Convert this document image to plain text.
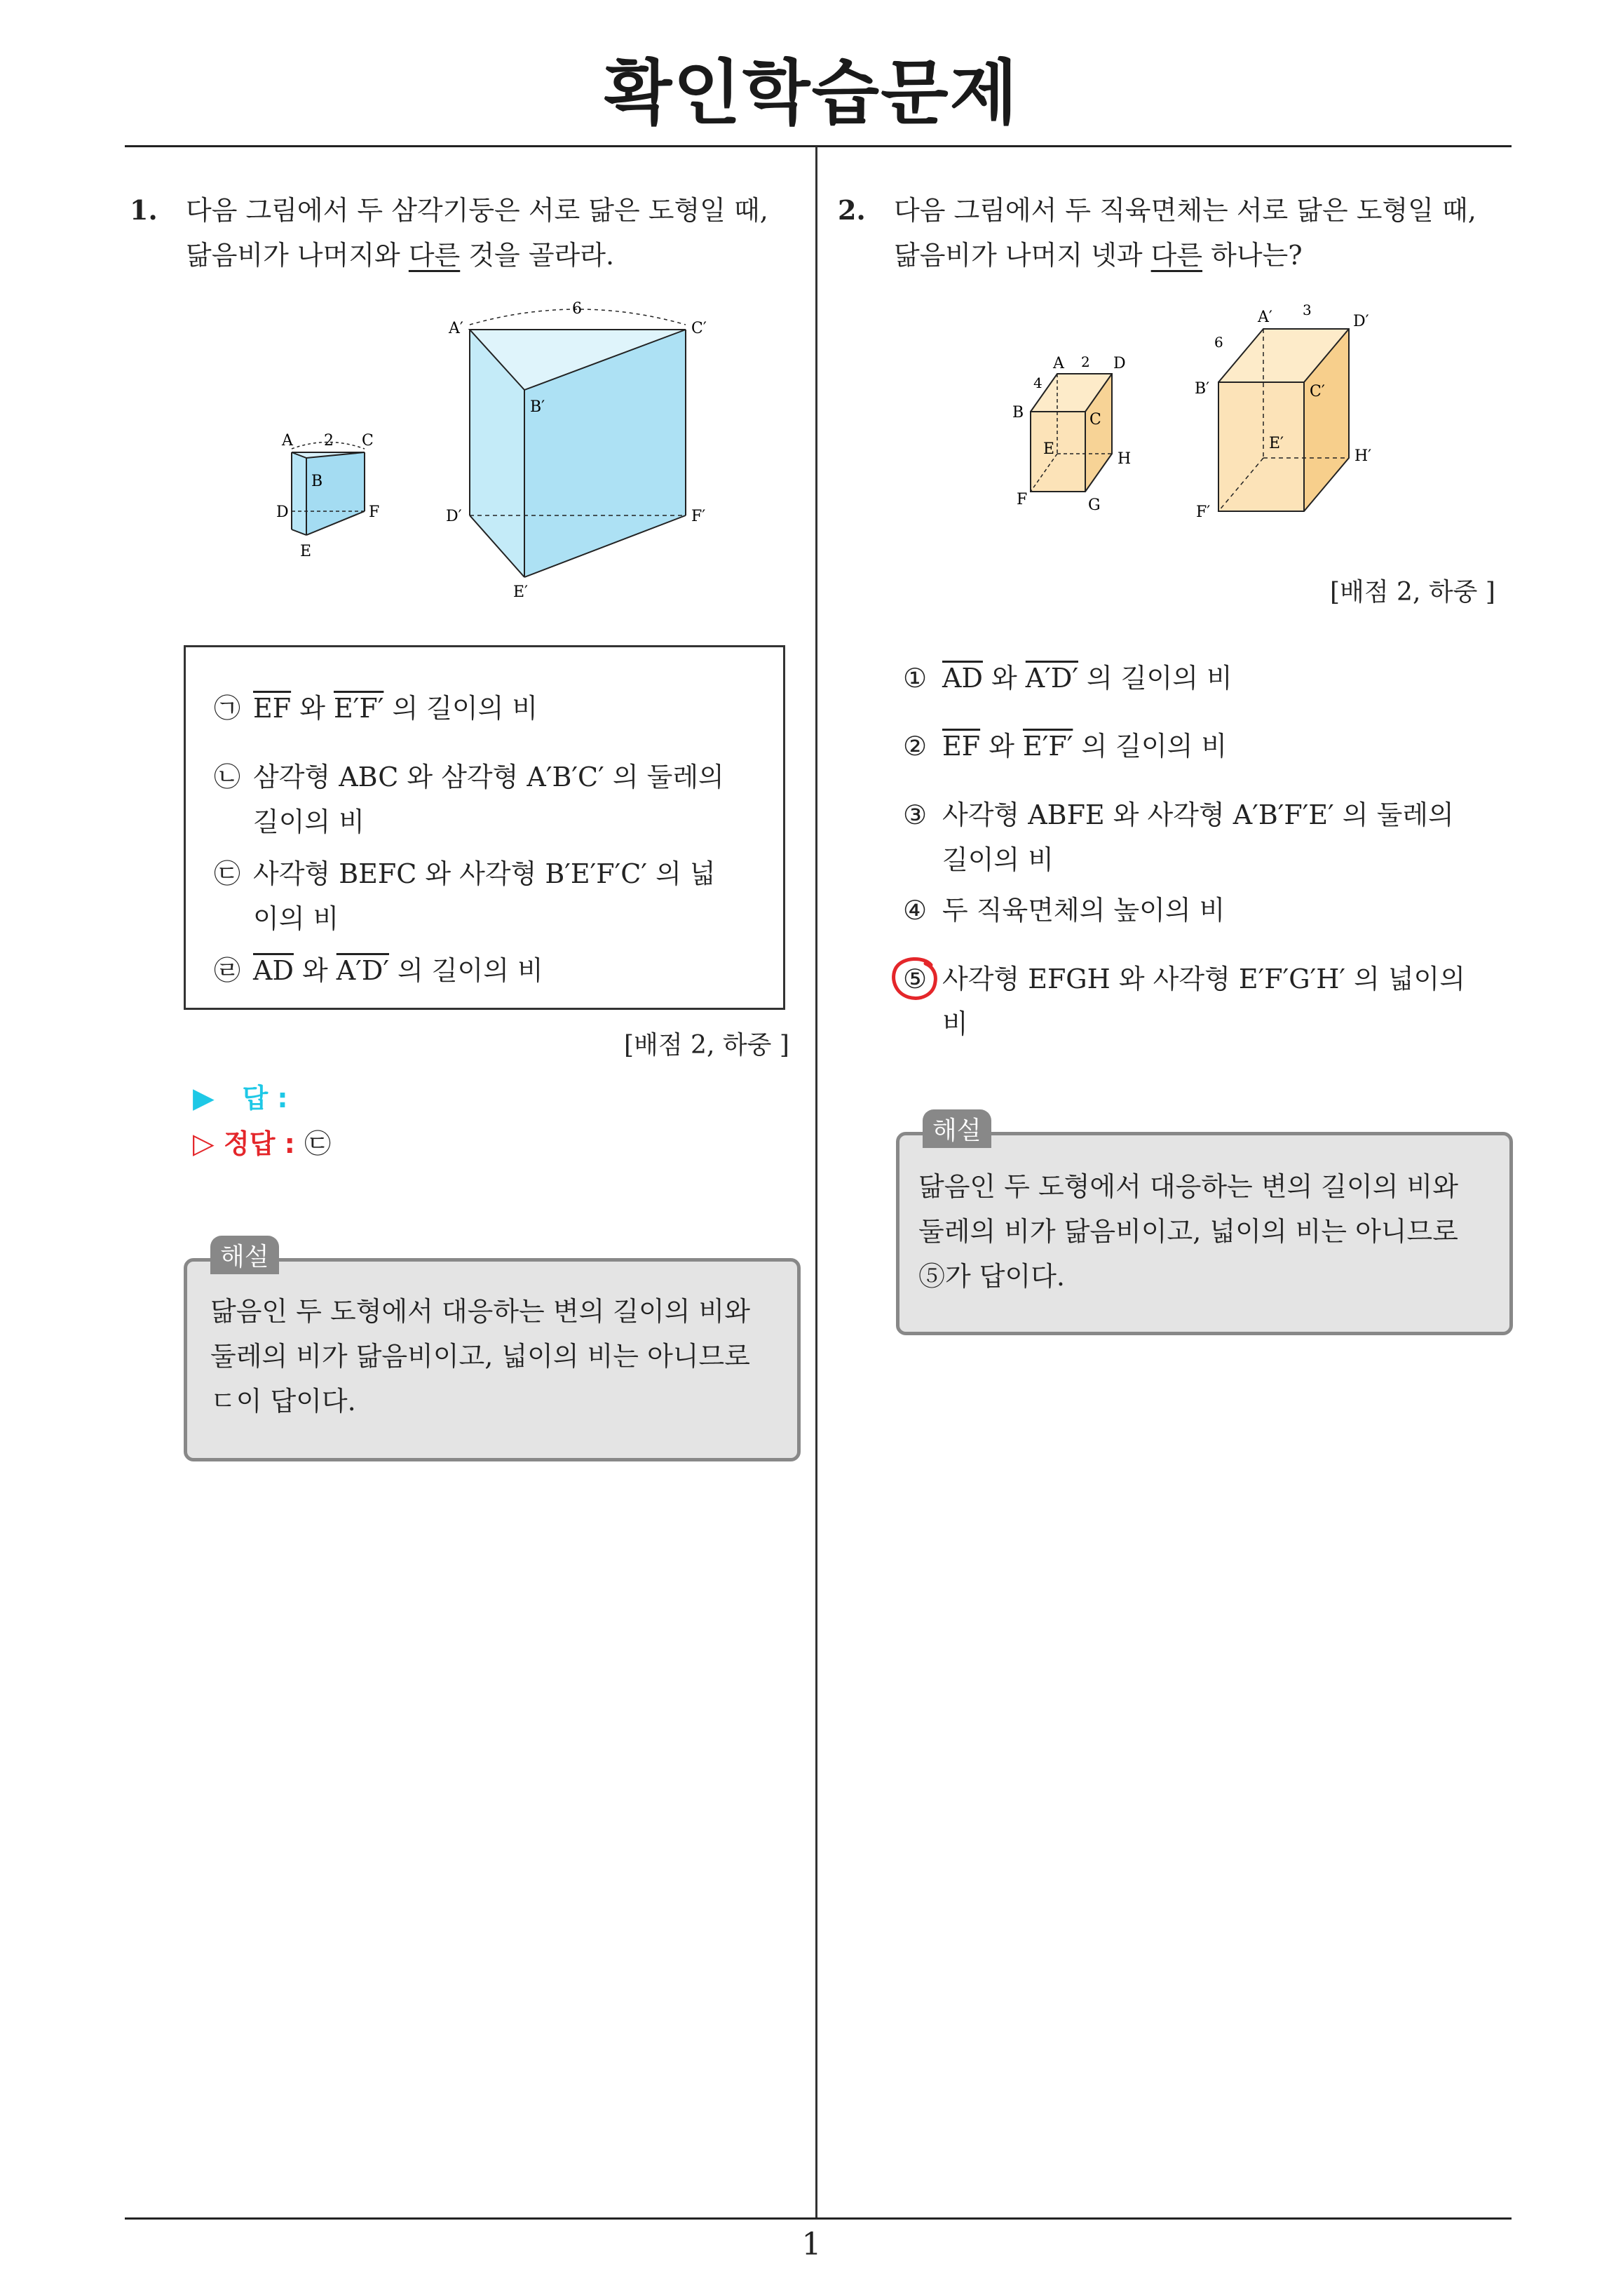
확인학습문제
1
1. 다음 그림에서 두 삼각기둥은 서로 닮은 도형일 때,
닮음비가 나머지와 다른 것을 골라라.
A 2 C
B
D
E
F
A′
6
C′
B′
D′	F′
E′
㉠ $\overline{EF}$ 와 E′F′ 의 길이의 비
㉡ 삼각형 ABC 와 삼각형 A′B′C′ 의 둘레의
길이의 비
㉢ 사각형 BEFC 와 사각형 B′E′F′C′ 의 넓
이의 비
㉣ $\overline{AD}$ 와 A′D′ 의 길이의 비
[배점 2, 하중 ]
▶ 답 :
▷ 정답 : ㉢
해설
닮음인 두 도형에서 대응하는 변의 길이의 비와
둘레의 비가 닮음비이고, 넓이의 비는 아니므로
ㄷ이 답이다.
2. 다음 그림에서 두 직육면체는 서로 닮은 도형일 때,
닮음비가 나머지 넷과 다른 하나는?
A 2 D
4
B	C
E
H
F	G
A′ 3
D′
6
B′	C′
E′
H′
F′
[배점 2, 하중 ]
① $\overline{AD}$ 와 A′D′ 의 길이의 비
② $\overline{EF}$ 와 E′F′ 의 길이의 비
③ 사각형 ABFE 와 사각형 A′B′F′E′ 의 둘레의
길이의 비
④ 두 직육면체의 높이의 비
⑤ 사각형 EFGH 와 사각형 E′F′G′H′ 의 넓이의
비
해설
닮음인 두 도형에서 대응하는 변의 길이의 비와
둘레의 비가 닮음비이고, 넓이의 비는 아니므로
⑤가 답이다.
